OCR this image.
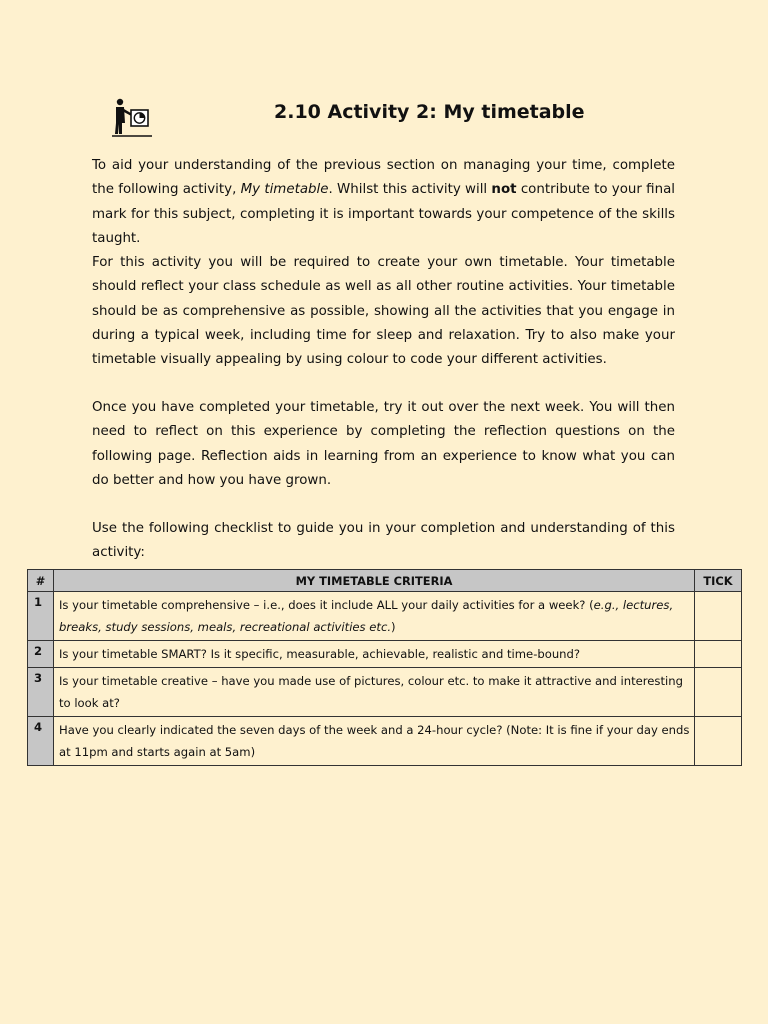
2.10 Activity 2: My timetable

To aid your understanding of the previous section on managing your time, complete the following activity, My timetable. Whilst this activity will not contribute to your final mark for this subject, completing it is important towards your competence of the skills taught.

For this activity you will be required to create your own timetable. Your timetable should reflect your class schedule as well as all other routine activities. Your timetable should be as comprehensive as possible, showing all the activities that you engage in during a typical week, including time for sleep and relaxation. Try to also make your timetable visually appealing by using colour to code your different activities.

Once you have completed your timetable, try it out over the next week. You will then need to reflect on this experience by completing the reflection questions on the following page. Reflection aids in learning from an experience to know what you can do better and how you have grown.

Use the following checklist to guide you in your completion and understanding of this activity:

#	MY TIMETABLE CRITERIA	TICK
1	Is your timetable comprehensive – i.e., does it include ALL your daily activities for a week? (e.g., lectures, breaks, study sessions, meals, recreational activities etc.)	
2	Is your timetable SMART? Is it specific, measurable, achievable, realistic and time-bound?	
3	Is your timetable creative – have you made use of pictures, colour etc. to make it attractive and interesting to look at?	
4	Have you clearly indicated the seven days of the week and a 24-hour cycle? (Note: It is fine if your day ends at 11pm and starts again at 5am)	
